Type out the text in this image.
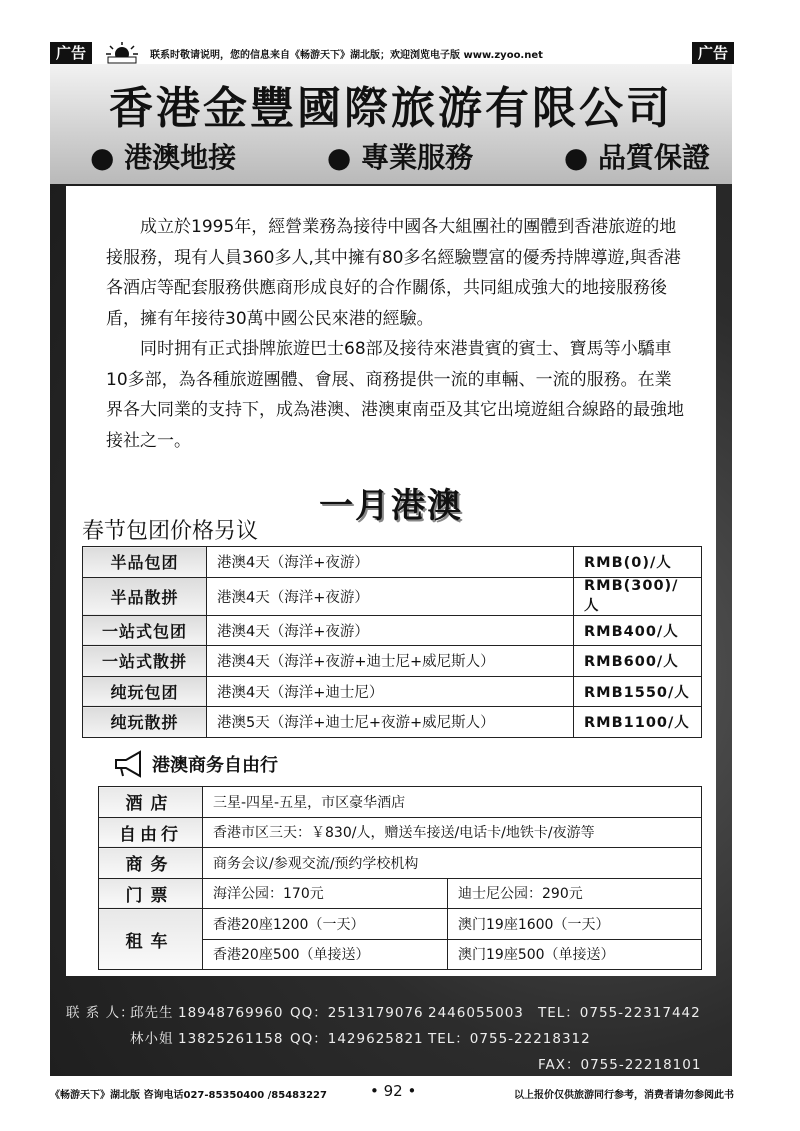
广告	联系时敬请说明，您的信息来自《畅游天下》湖北版；欢迎浏览电子版 www.zyoo.net	广告
香港金豐國際旅游有限公司
● 港澳地接	● 專業服務	● 品質保證

成立於1995年，經營業務為接待中國各大組團社的團體到香港旅遊的地接服務，現有人員360多人,其中擁有80多名經驗豐富的優秀持牌導遊,與香港各酒店等配套服務供應商形成良好的合作關係，共同組成強大的地接服務後盾，擁有年接待30萬中國公民來港的經驗。

同时拥有正式掛牌旅遊巴士68部及接待來港貴賓的賓士、寶馬等小驕車10多部，為各種旅遊團體、會展、商務提供一流的車輛、一流的服務。在業界各大同業的支持下，成為港澳、港澳東南亞及其它出境遊組合線路的最強地接社之一。

一月港澳
春节包团价格另议
半品包团	港澳4天（海洋+夜游）	RMB(0)/人
半品散拼	港澳4天（海洋+夜游）	RMB(300)/人
一站式包团	港澳4天（海洋+夜游）	RMB400/人
一站式散拼	港澳4天（海洋+夜游+迪士尼+威尼斯人）	RMB600/人
纯玩包团	港澳4天（海洋+迪士尼）	RMB1550/人
纯玩散拼	港澳5天（海洋+迪士尼+夜游+威尼斯人）	RMB1100/人
港澳商务自由行
酒店	三星-四星-五星，市区豪华酒店	
自由行	香港市区三天：￥830/人，赠送车接送/电话卡/地铁卡/夜游等	
商务	商务会议/参观交流/预约学校机构	
门票	海洋公园：170元	迪士尼公园：290元
租车	香港20座1200（一天）	澳门19座1600（一天）
	香港20座500（单接送）	澳门19座500（单接送）
联 系 人：
邱先生 18948769960 QQ：2513179076 2446055003 TEL：0755-22317442
林小姐 13825261158 QQ：1429625821 TEL：0755-22218312
FAX：0755-22218101
《畅游天下》湖北版 咨询电话027-85350400 /85483227	• 92 •	以上报价仅供旅游同行参考，消费者请勿参阅此书
